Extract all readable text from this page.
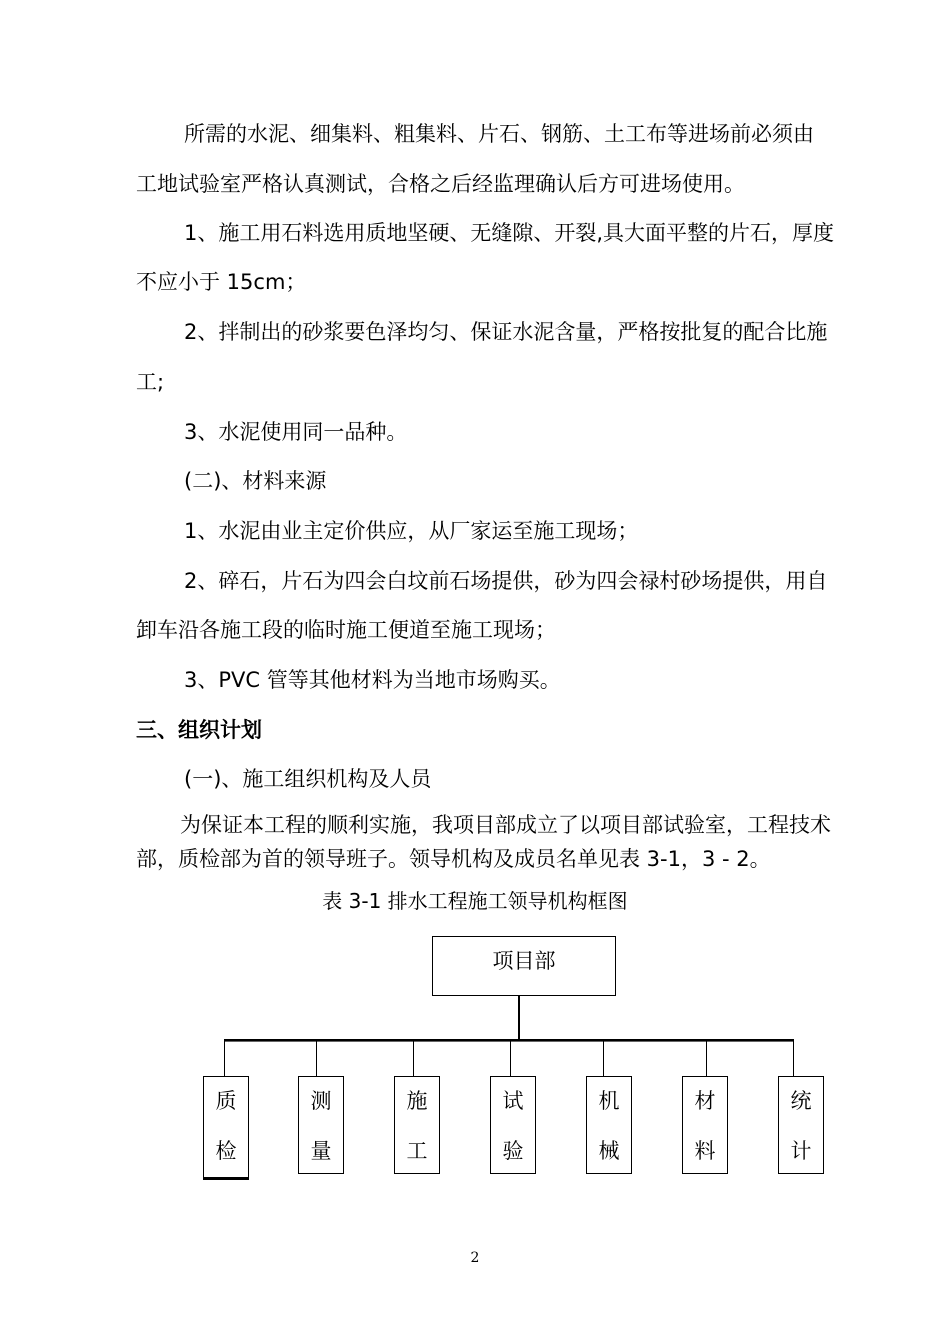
所需的水泥、细集料、粗集料、片石、钢筋、土工布等进场前必须由
工地试验室严格认真测试，合格之后经监理确认后方可进场使用。
1、施工用石料选用质地坚硬、无缝隙、开裂,具大面平整的片石，厚度
不应小于 15cm；
2、拌制出的砂浆要色泽均匀、保证水泥含量，严格按批复的配合比施
工;
3、水泥使用同一品种。
(二)、材料来源
1、水泥由业主定价供应，从厂家运至施工现场；
2、碎石，片石为四会白坟前石场提供，砂为四会禄村砂场提供，用自
卸车沿各施工段的临时施工便道至施工现场；
3、PVC 管等其他材料为当地市场购买。
三、组织计划
(一)、施工组织机构及人员
为保证本工程的顺利实施，我项目部成立了以项目部试验室，工程技术
部，质检部为首的领导班子。领导机构及成员名单见表 3-1，3 - 2。
表 3-1 排水工程施工领导机构框图
项目部
质
检
测
量
施
工
试
验
机
械
材
料
统
计
2
